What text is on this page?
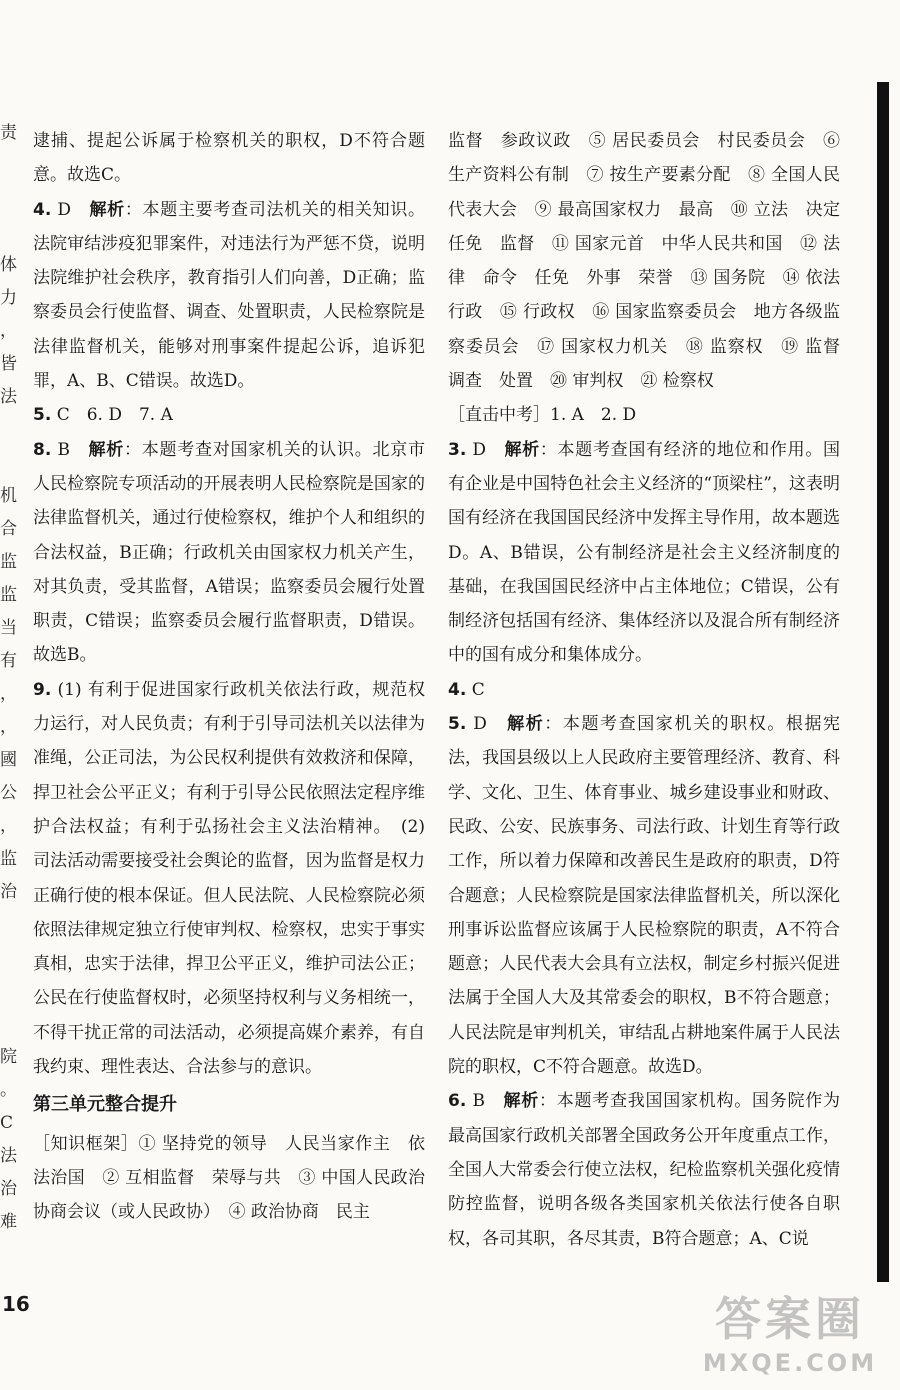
责
体
力
，
皆
法
机
合
监
监
当
有
，
，
國
公
，
监
治
院
。
C
法
治
难

逮捕、提起公诉属于检察机关的职权，D不符合题意。故选C。

4. D　 解析：本题主要考查司法机关的相关知识。法院审结涉疫犯罪案件，对违法行为严惩不贷，说明法院维护社会秩序，教育指引人们向善，D正确；监察委员会行使监督、调查、处置职责，人民检察院是法律监督机关，能够对刑事案件提起公诉，追诉犯罪，A、B、C错误。故选D。

5. C　 6. D　7. A

8. B　 解析：本题考查对国家机关的认识。北京市人民检察院专项活动的开展表明人民检察院是国家的法律监督机关，通过行使检察权，维护个人和组织的合法权益，B正确；行政机关由国家权力机关产生，对其负责，受其监督，A错误；监察委员会履行处置职责，C错误；监察委员会履行监督职责，D错误。故选B。

9. (1) 有利于促进国家行政机关依法行政，规范权力运行，对人民负责；有利于引导司法机关以法律为准绳，公正司法，为公民权利提供有效救济和保障，捍卫社会公平正义；有利于引导公民依照法定程序维护合法权益；有利于弘扬社会主义法治精神。　(2) 司法活动需要接受社会舆论的监督，因为监督是权力正确行使的根本保证。但人民法院、人民检察院必须依照法律规定独立行使审判权、检察权，忠实于事实真相，忠实于法律，捍卫公平正义，维护司法公正；公民在行使监督权时，必须坚持权利与义务相统一，不得干扰正常的司法活动，必须提高媒介素养，有自我约束、理性表达、合法参与的意识。

第三单元整合提升

［知识框架］① 坚持党的领导　人民当家作主　依法治国　② 互相监督　荣辱与共　③ 中国人民政治协商会议（或人民政协）　④ 政治协商　民主

监督　参政议政　⑤ 居民委员会　村民委员会　⑥ 生产资料公有制　⑦ 按生产要素分配　⑧ 全国人民代表大会　⑨ 最高国家权力　最高　⑩ 立法　决定　任免　监督　⑪ 国家元首　中华人民共和国　⑫ 法律　命令　任免　外事　荣誉　⑬ 国务院　⑭ 依法行政　⑮ 行政权　⑯ 国家监察委员会　地方各级监察委员会　⑰ 国家权力机关　⑱ 监察权　⑲ 监督　调查　处置　⑳ 审判权　㉑ 检察权

［直击中考］1. A　2. D

3. D　 解析：本题考查国有经济的地位和作用。国有企业是中国特色社会主义经济的“顶梁柱”，这表明国有经济在我国国民经济中发挥主导作用，故本题选D。A、B错误，公有制经济是社会主义经济制度的基础，在我国国民经济中占主体地位；C错误，公有制经济包括国有经济、集体经济以及混合所有制经济中的国有成分和集体成分。

4. C　

5. D　 解析：本题考查国家机关的职权。根据宪法，我国县级以上人民政府主要管理经济、教育、科学、文化、卫生、体育事业、城乡建设事业和财政、民政、公安、民族事务、司法行政、计划生育等行政工作，所以着力保障和改善民生是政府的职责，D符合题意；人民检察院是国家法律监督机关，所以深化刑事诉讼监督应该属于人民检察院的职责，A不符合题意；人民代表大会具有立法权，制定乡村振兴促进法属于全国人大及其常委会的职权，B不符合题意；人民法院是审判机关，审结乱占耕地案件属于人民法院的职权，C不符合题意。故选D。

6. B　 解析：本题考查我国国家机构。国务院作为最高国家行政机关部署全国政务公开年度重点工作，全国人大常委会行使立法权，纪检监察机关强化疫情防控监督，说明各级各类国家机关依法行使各自职权，各司其职，各尽其责，B符合题意；A、C说

16	答案圈
MXQE.COM
